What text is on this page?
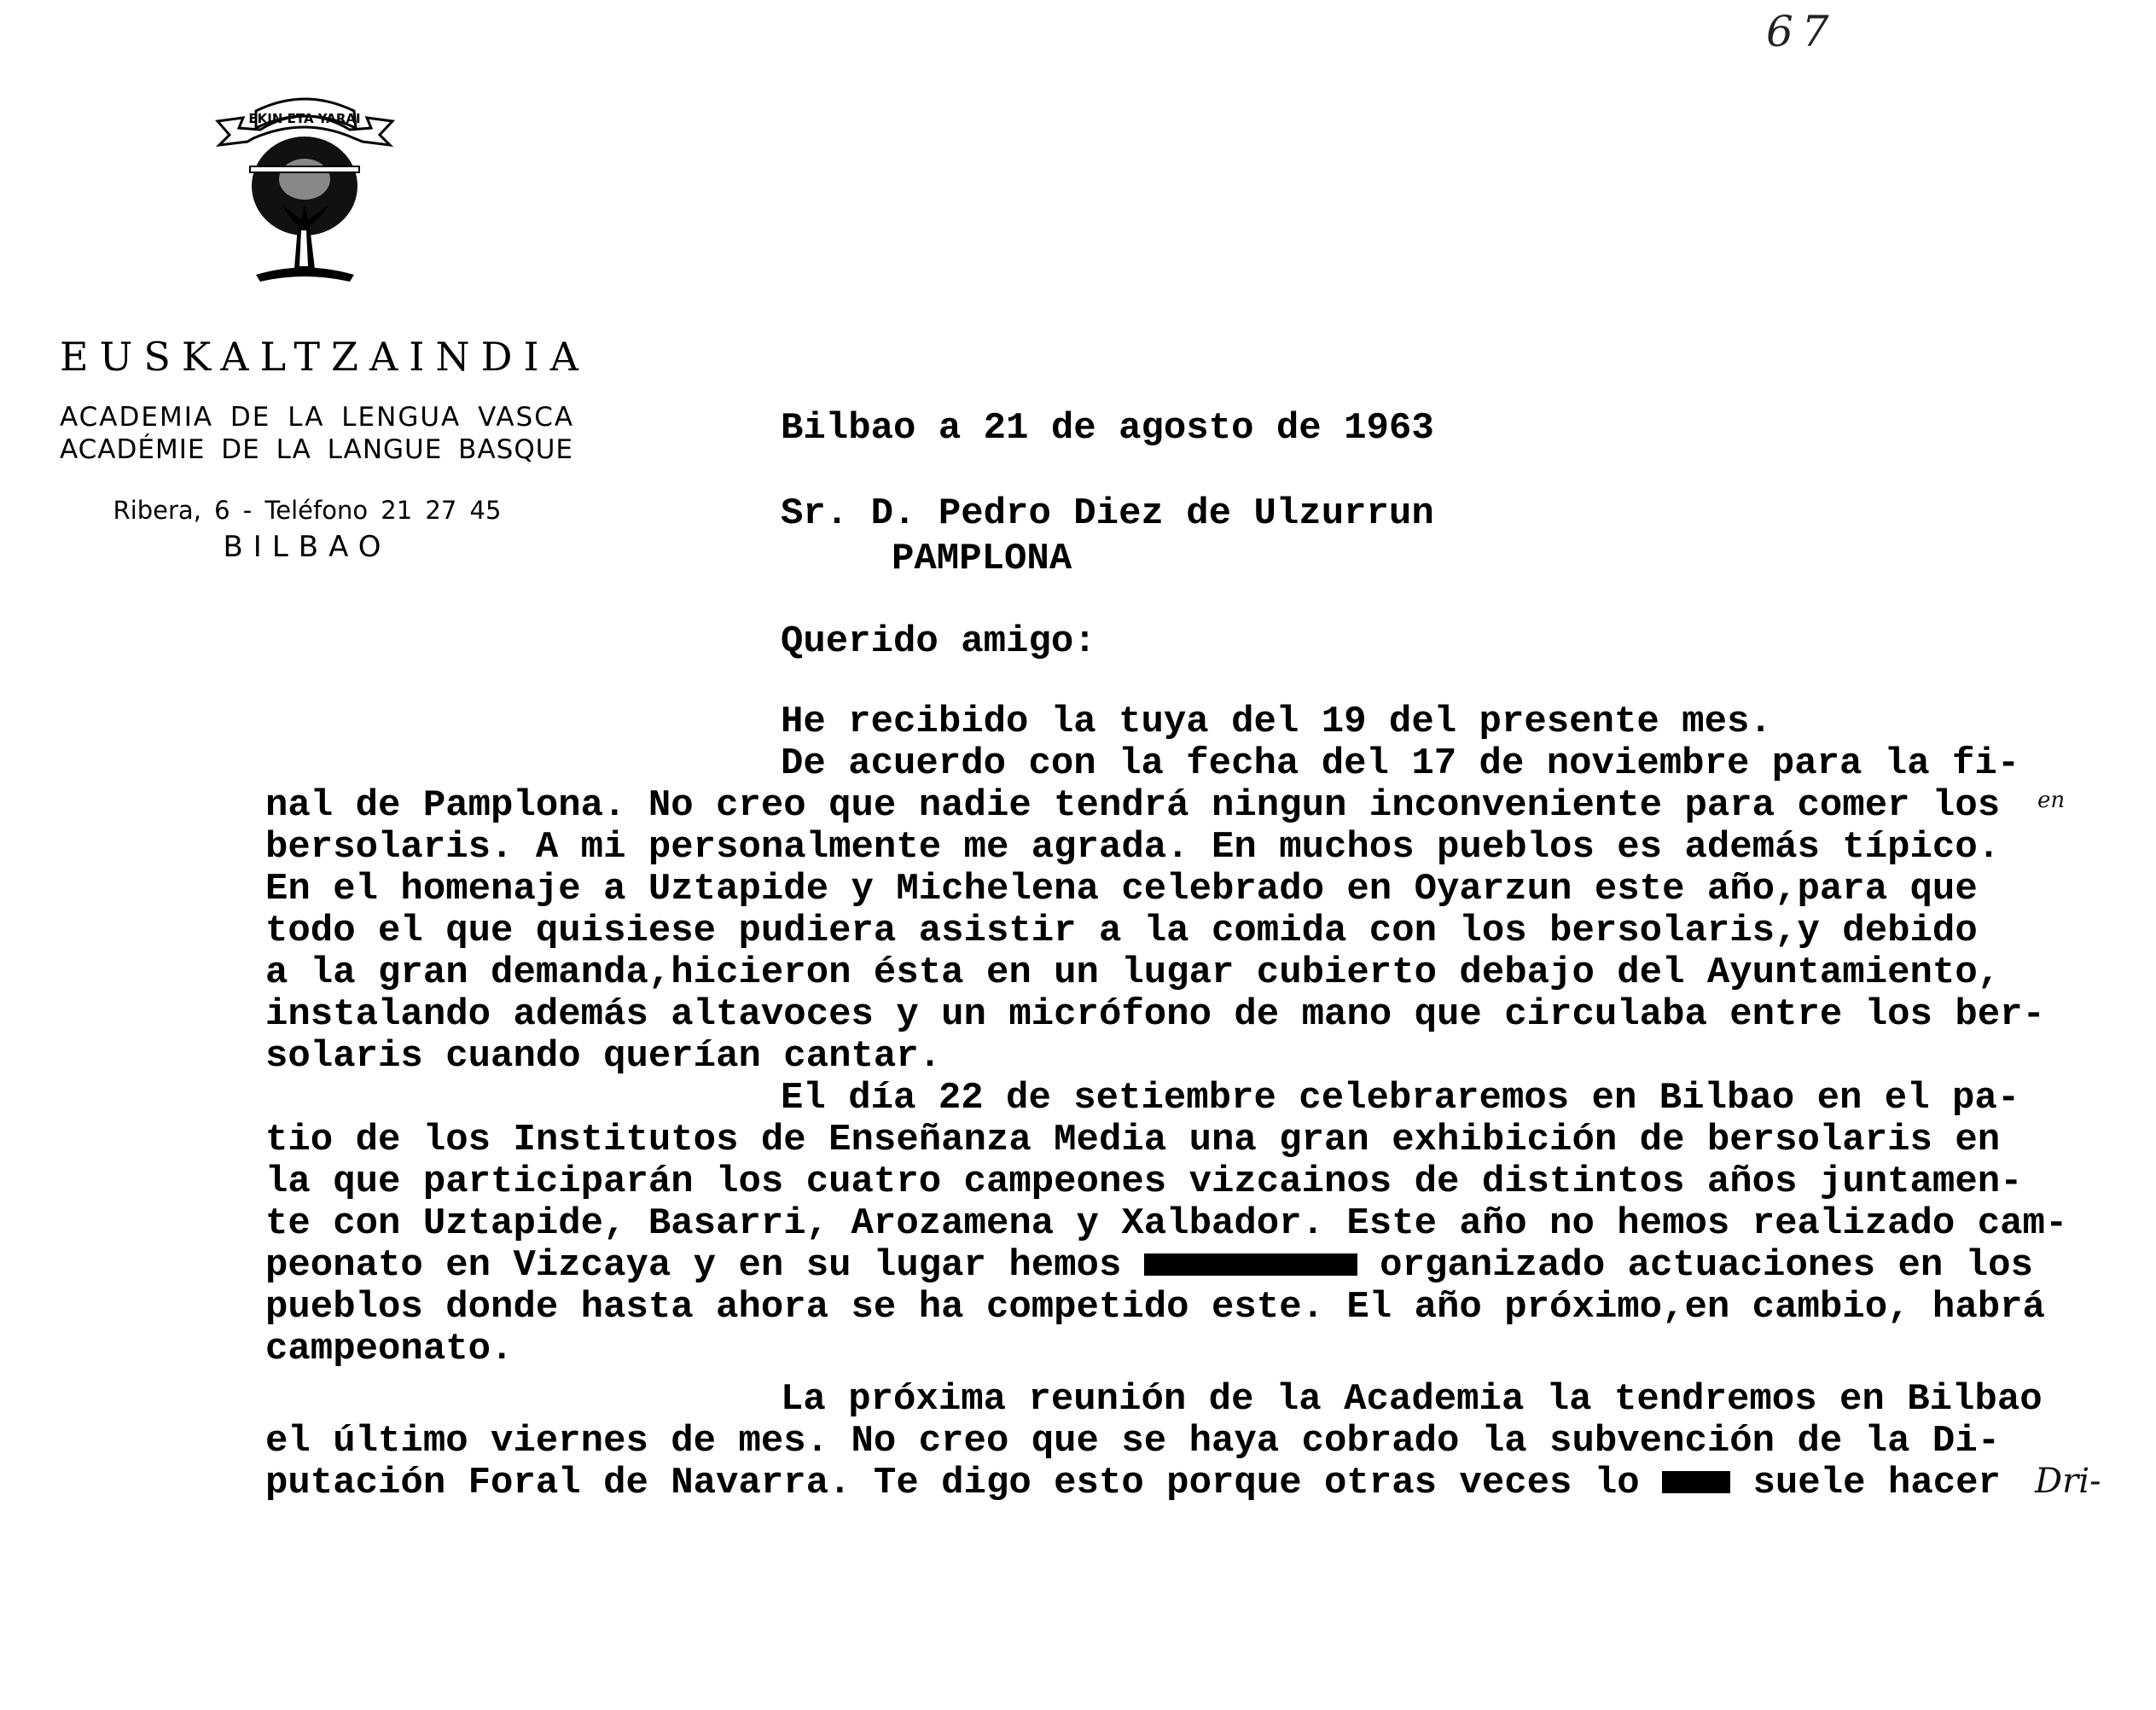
67
EKIN ETA YARAI
EUSKALTZAINDIA
ACADEMIA DE LA LENGUA VASCA
ACADÉMIE DE LA LANGUE BASQUE
Ribera, 6 - Teléfono 21 27 45
BILBAO
Bilbao a 21 de agosto de 1963
Sr. D. Pedro Diez de Ulzurrun
PAMPLONA
Querido amigo:
He recibido la tuya del 19 del presente mes.
De acuerdo con la fecha del 17 de noviembre para la fi-
nal de Pamplona. No creo que nadie tendrá ningun inconveniente para comer los
bersolaris. A mi personalmente me agrada. En muchos pueblos es además típico.
En el homenaje a Uztapide y Michelena celebrado en Oyarzun este año,para que
todo el que quisiese pudiera asistir a la comida con los bersolaris,y debido
a la gran demanda,hicieron ésta en un lugar cubierto debajo del Ayuntamiento,
instalando además altavoces y un micrófono de mano que circulaba entre los ber-
solaris cuando querían cantar.
El día 22 de setiembre celebraremos en Bilbao en el pa-
tio de los Institutos de Enseñanza Media una gran exhibición de bersolaris en
la que participarán los cuatro campeones vizcainos de distintos años juntamen-
te con Uztapide, Basarri, Arozamena y Xalbador. Este año no hemos realizado cam-
peonato en Vizcaya y en su lugar hemos	organizado actuaciones en los
pueblos donde hasta ahora se ha competido este. El año próximo,en cambio, habrá
campeonato.
La próxima reunión de la Academia la tendremos en Bilbao
el último viernes de mes. No creo que se haya cobrado la subvención de la Di-
putación Foral de Navarra. Te digo esto porque otras veces lo  suele hacer
en
Dri-
